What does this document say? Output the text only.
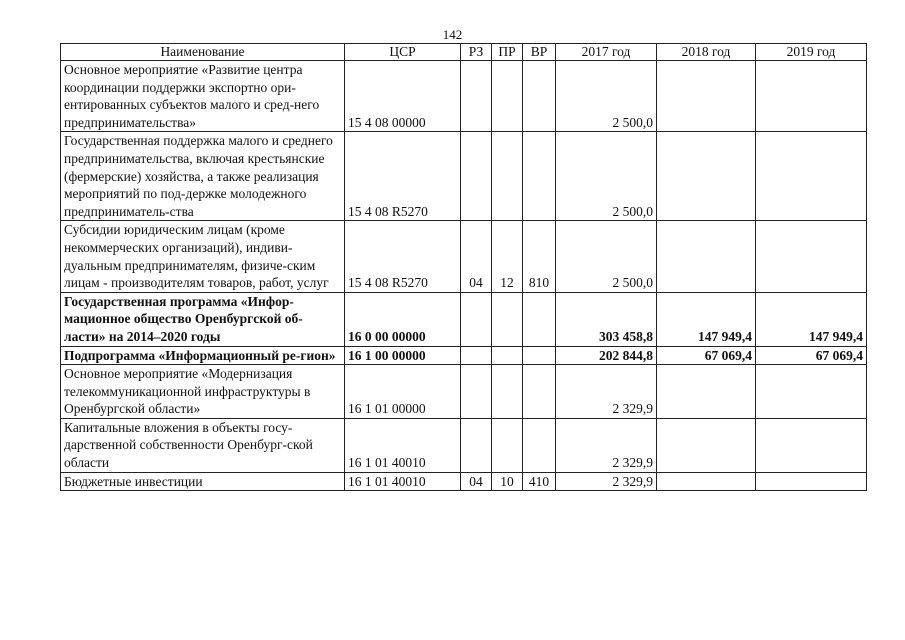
142
Наименование	ЦСР	РЗ	ПР	ВР	2017 год	2018 год	2019 год
Основное мероприятие «Развитие центра координации поддержки экспортно ори-ентированных субъектов малого и сред-него предпринимательства»	15 4 08 00000				2 500,0		
Государственная поддержка малого и среднего предпринимательства, включая крестьянские (фермерские) хозяйства, а также реализация мероприятий по под-держке молодежного предприниматель-ства	15 4 08 R5270				2 500,0		
Субсидии юридическим лицам (кроме некоммерческих организаций), индиви-дуальным предпринимателям, физиче-ским лицам - производителям товаров, работ, услуг	15 4 08 R5270	04	12	810	2 500,0		
Государственная программа «Инфор-мационное общество Оренбургской об-ласти» на 2014–2020 годы	16 0 00 00000				303 458,8	147 949,4	147 949,4
Подпрограмма «Информационный ре-гион»	16 1 00 00000				202 844,8	67 069,4	67 069,4
Основное мероприятие «Модернизация телекоммуникационной инфраструктуры в Оренбургской области»	16 1 01 00000				2 329,9		
Капитальные вложения в объекты госу-дарственной собственности Оренбург-ской области	16 1 01 40010				2 329,9		
Бюджетные инвестиции	16 1 01 40010	04	10	410	2 329,9		
